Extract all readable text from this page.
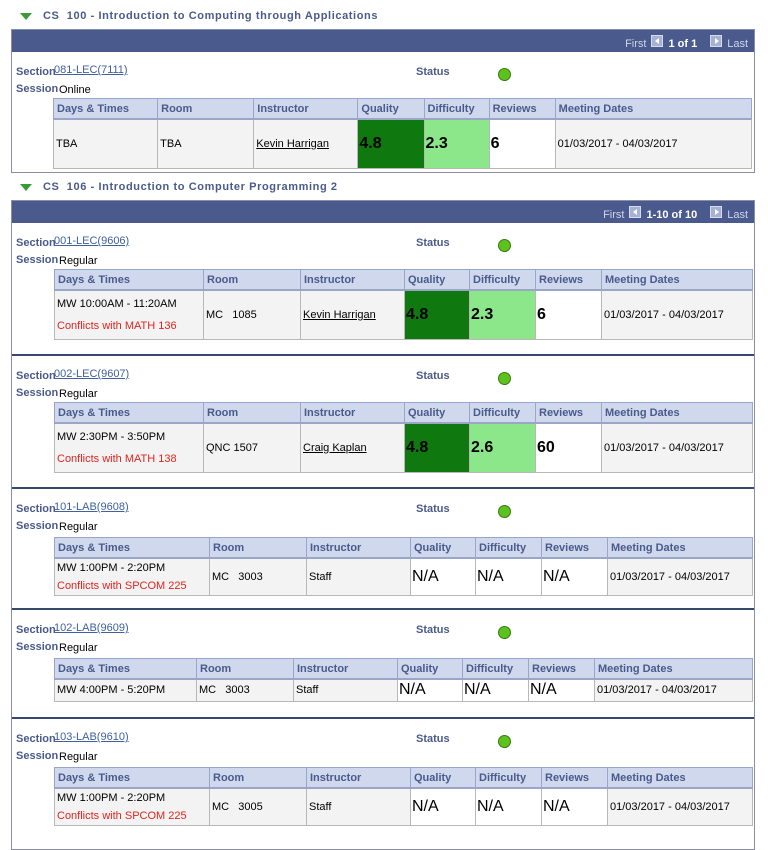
CS  100 - Introduction to Computing through Applications
First 1 of 1	Last
Section
081-LEC(7111)
Session Online
Status
Days & Times	Room	Instructor	Quality	Difficulty	Reviews	Meeting Dates
TBA	TBA	Kevin Harrigan	4.8	2.3	6	01/03/2017 - 04/03/2017
CS  106 - Introduction to Computer Programming 2
First 1-10 of 10	Last
Section
001-LEC(9606)
Session Regular
Status
Days & Times	Room	Instructor	Quality	Difficulty	Reviews	Meeting Dates
MW 10:00AM - 11:20AM
Conflicts with MATH 136	MC   1085	Kevin Harrigan	4.8	2.3	6	01/03/2017 - 04/03/2017
Section
002-LEC(9607)
Session Regular
Status
Days & Times	Room	Instructor	Quality	Difficulty	Reviews	Meeting Dates
MW 2:30PM - 3:50PM
Conflicts with MATH 138	QNC 1507	Craig Kaplan	4.8	2.6	60	01/03/2017 - 04/03/2017
Section
101-LAB(9608)
Session Regular
Status
Days & Times	Room	Instructor	Quality	Difficulty	Reviews	Meeting Dates
MW 1:00PM - 2:20PM
Conflicts with SPCOM 225	MC   3003	Staff	N/A	N/A	N/A	01/03/2017 - 04/03/2017
Section
102-LAB(9609)
Session Regular
Status
Days & Times	Room	Instructor	Quality	Difficulty	Reviews	Meeting Dates
MW 4:00PM - 5:20PM	MC   3003	Staff	N/A	N/A	N/A	01/03/2017 - 04/03/2017
Section
103-LAB(9610)
Session Regular
Status
Days & Times	Room	Instructor	Quality	Difficulty	Reviews	Meeting Dates
MW 1:00PM - 2:20PM
Conflicts with SPCOM 225	MC   3005	Staff	N/A	N/A	N/A	01/03/2017 - 04/03/2017
